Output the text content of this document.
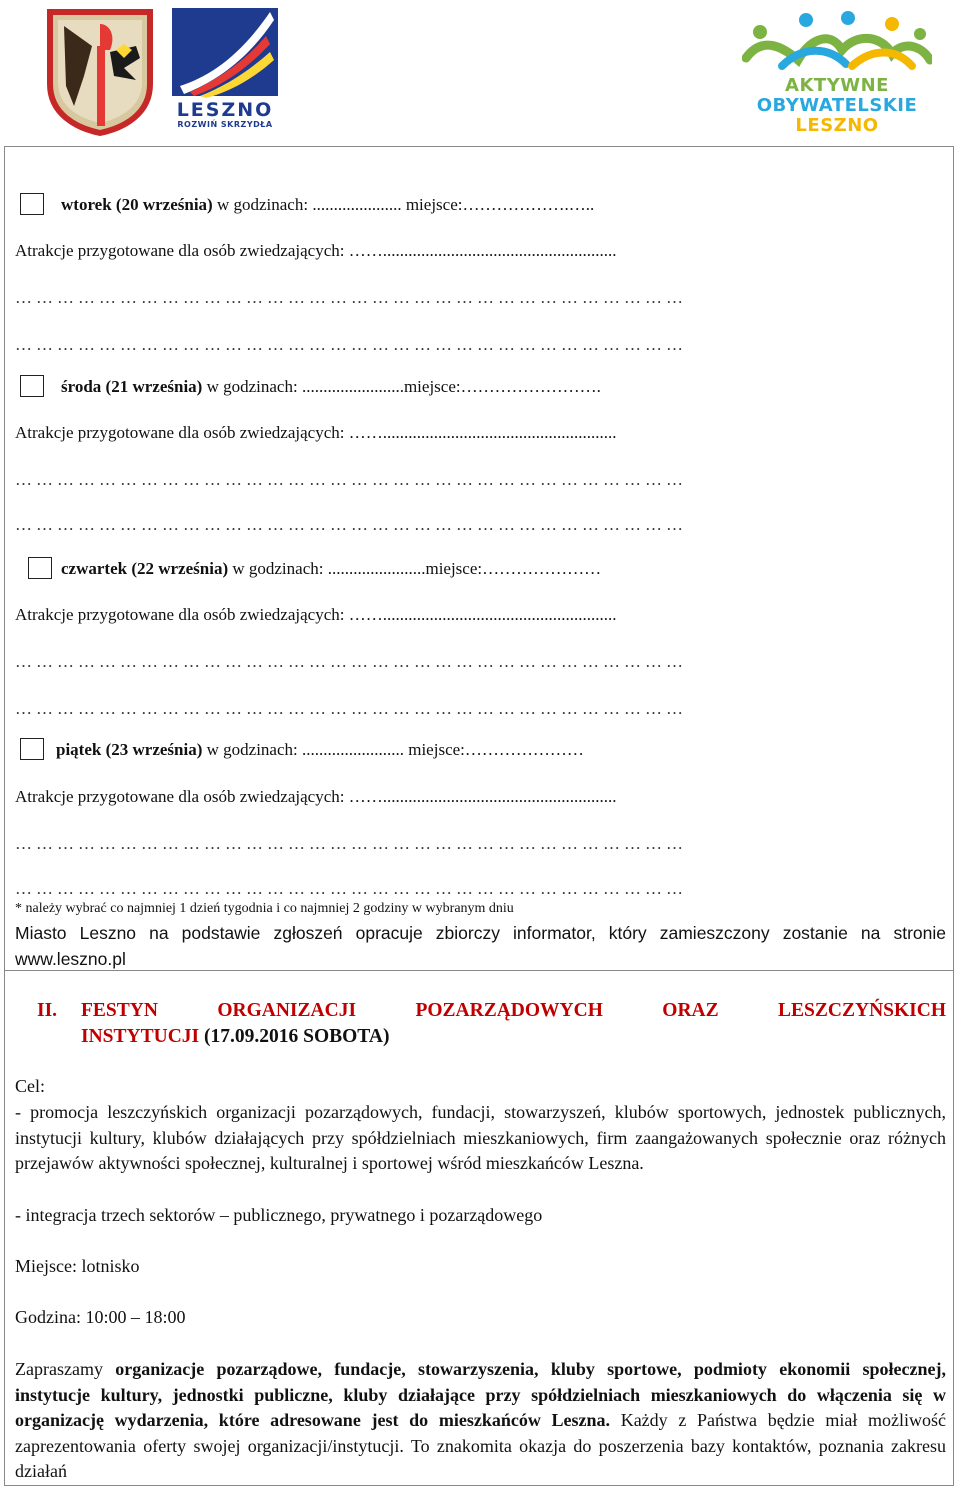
LESZNO
ROZWIŃ SKRZYDŁA
AKTYWNE
OBYWATELSKIE
LESZNO
wtorek (20 września) w godzinach: ..................... miejsce:……………….…..
Atrakcje przygotowane dla osób zwiedzających: …….......................................................
……………………………………………………………………………………
……………………………………………………………………………………
środa (21 września) w godzinach: ........................miejsce:…………………….
Atrakcje przygotowane dla osób zwiedzających: …….......................................................
……………………………………………………………………………………
……………………………………………………………………………………
czwartek (22 września) w godzinach: .......................miejsce:…………………
Atrakcje przygotowane dla osób zwiedzających: …….......................................................
……………………………………………………………………………………
……………………………………………………………………………………
piątek (23 września) w godzinach: ........................ miejsce:…………………
Atrakcje przygotowane dla osób zwiedzających: …….......................................................
……………………………………………………………………………………
……………………………………………………………………………………
* należy wybrać co najmniej 1 dzień tygodnia i co najmniej 2 godziny w wybranym dniu
Miasto Leszno na podstawie zgłoszeń opracuje zbiorczy informator, który zamieszczony zostanie na stronie www.leszno.pl
II. FESTYN ORGANIZACJI POZARZĄDOWYCH ORAZ LESZCZYŃSKICH
INSTYTUCJI (17.09.2016 SOBOTA)
Cel:
- promocja leszczyńskich organizacji pozarządowych, fundacji, stowarzyszeń, klubów sportowych, jednostek publicznych, instytucji kultury, klubów działających przy spółdzielniach mieszkaniowych, firm zaangażowanych społecznie oraz różnych przejawów aktywności społecznej, kulturalnej i sportowej wśród mieszkańców Leszna.
- integracja trzech sektorów – publicznego, prywatnego i pozarządowego
Miejsce: lotnisko
Godzina: 10:00 – 18:00
Zapraszamy organizacje pozarządowe, fundacje, stowarzyszenia, kluby sportowe, podmioty ekonomii społecznej, instytucje kultury, jednostki publiczne, kluby działające przy spółdzielniach mieszkaniowych do włączenia się w organizację wydarzenia, które adresowane jest do mieszkańców Leszna. Każdy z Państwa będzie miał możliwość zaprezentowania oferty swojej organizacji/instytucji. To znakomita okazja do poszerzenia bazy kontaktów, poznania zakresu działań
